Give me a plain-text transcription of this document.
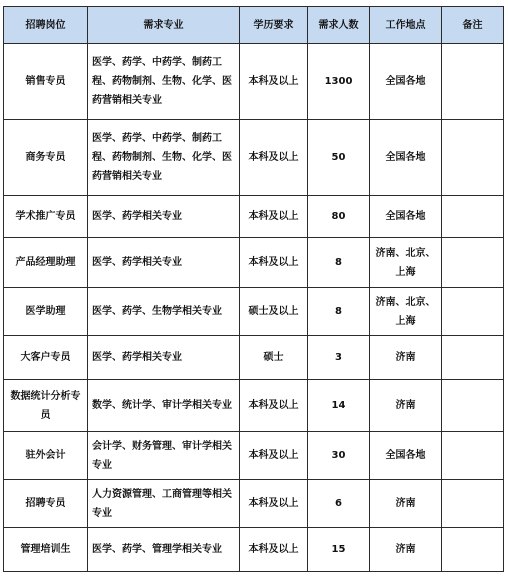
招聘岗位	需求专业	学历要求	需求人数	工作地点	备注
销售专员	医学、药学、中药学、制药工程、药物制剂、生物、化学、医药营销相关专业	本科及以上	1300	全国各地	
商务专员	医学、药学、中药学、制药工程、药物制剂、生物、化学、医药营销相关专业	本科及以上	50	全国各地	
学术推广专员	医学、药学相关专业	本科及以上	80	全国各地	
产品经理助理	医学、药学相关专业	本科及以上	8	济南、北京、上海	
医学助理	医学、药学、生物学相关专业	硕士及以上	8	济南、北京、上海	
大客户专员	医学、药学相关专业	硕士	3	济南	
数据统计分析专员	数学、统计学、审计学相关专业	本科及以上	14	济南	
驻外会计	会计学、财务管理、审计学相关专业	本科及以上	30	全国各地	
招聘专员	人力资源管理、工商管理等相关专业	本科及以上	6	济南	
管理培训生	医学、药学、管理学相关专业	本科及以上	15	济南	
